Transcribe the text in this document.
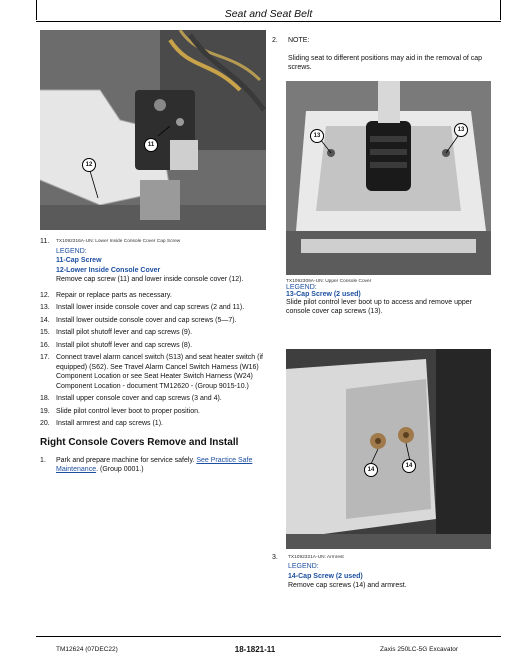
Seat and Seat Belt
11
12
11. TX1092316A-UN: Lower Inside Console Cover Cap Screw
LEGEND:
11-Cap Screw
12-Lower Inside Console Cover
Remove cap screw (11) and lower inside console cover (12).
12. Repair or replace parts as necessary.
13. Install lower inside console cover and cap screws (2 and 11).
14. Install lower outside console cover and cap screws (5—7).
15. Install pilot shutoff lever and cap screws (9).
16. Install pilot shutoff lever and cap screws (8).
17. Connect travel alarm cancel switch (S13) and seat heater switch (if equipped) (S62). See Travel Alarm Cancel Switch Harness (W16) Component Location or see Seat Heater Switch Harness (W24) Component Location - document TM12620 - (Group 9015-10.)
18. Install upper console cover and cap screws (3 and 4).
19. Slide pilot control lever boot to proper position.
20. Install armrest and cap screws (1).
Right Console Covers Remove and Install
1. Park and prepare machine for service safely. See Practice Safe Maintenance. (Group 0001.)
2. NOTE:
Sliding seat to different positions may aid in the removal of cap screws.
13
13
TX1092309A-UN: Upper Console Cover
LEGEND:
13-Cap Screw (2 used)
Slide pilot control lever boot up to access and remove upper console cover cap screws (13).
14
14
3. TX1092321A-UN: Armrest
LEGEND:
14-Cap Screw (2 used)
Remove cap screws (14) and armrest.
TM12624 (07DEC22)	18-1821-11	Zaxis 250LC-5G Excavator
